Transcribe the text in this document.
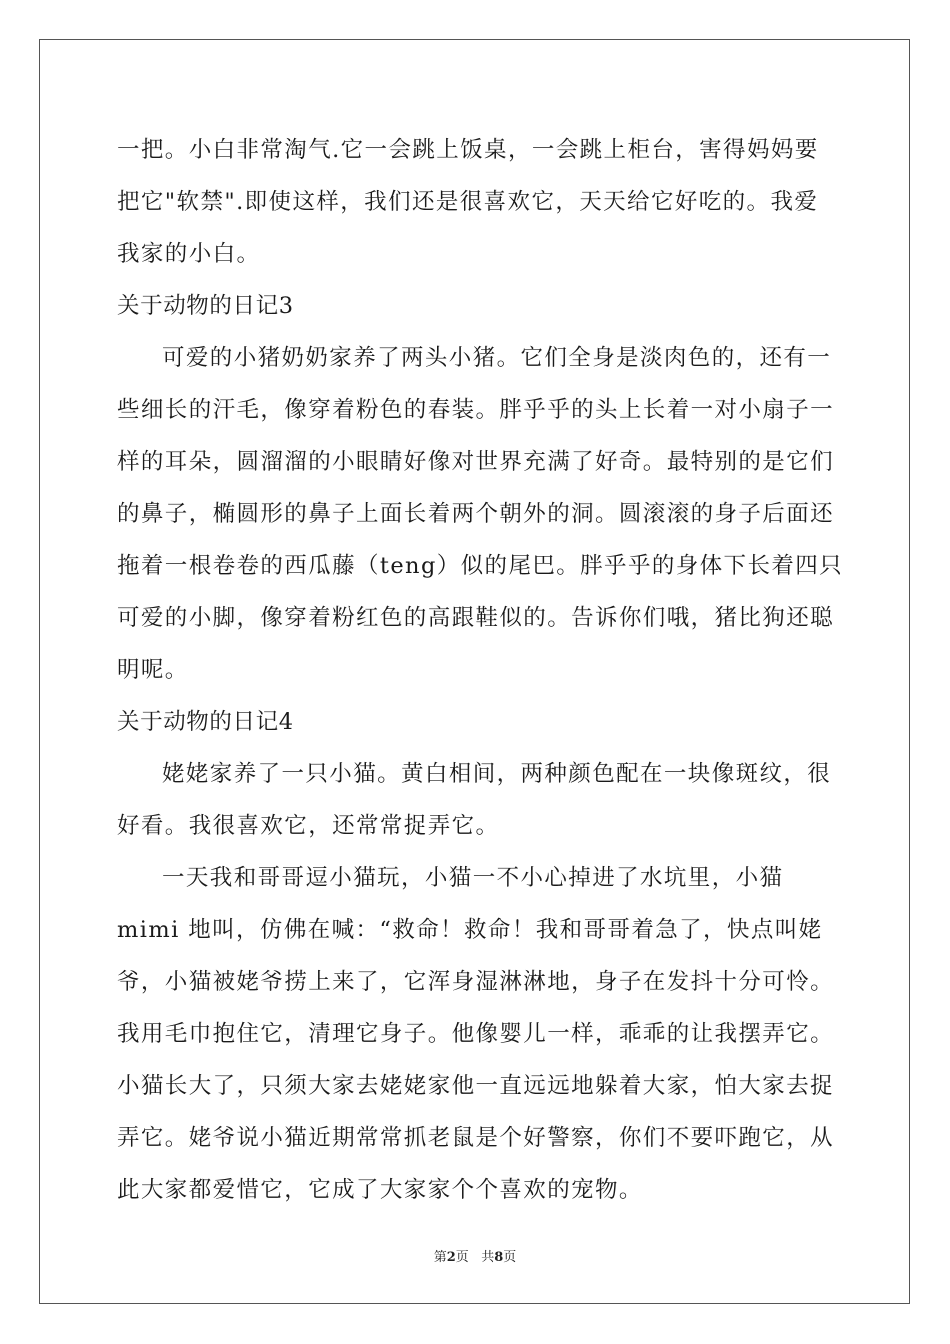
一把。小白非常淘气.它一会跳上饭桌，一会跳上柜台，害得妈妈要
把它"软禁".即使这样，我们还是很喜欢它，天天给它好吃的。我爱
我家的小白。
关于动物的日记3
可爱的小猪奶奶家养了两头小猪。它们全身是淡肉色的，还有一
些细长的汗毛，像穿着粉色的春装。胖乎乎的头上长着一对小扇子一
样的耳朵，圆溜溜的小眼睛好像对世界充满了好奇。最特别的是它们
的鼻子，椭圆形的鼻子上面长着两个朝外的洞。圆滚滚的身子后面还
拖着一根卷卷的西瓜藤（teng）似的尾巴。胖乎乎的身体下长着四只
可爱的小脚，像穿着粉红色的高跟鞋似的。告诉你们哦，猪比狗还聪
明呢。
关于动物的日记4
姥姥家养了一只小猫。黄白相间，两种颜色配在一块像斑纹，很
好看。我很喜欢它，还常常捉弄它。
一天我和哥哥逗小猫玩，小猫一不小心掉进了水坑里，小猫
mimi 地叫，仿佛在喊：“救命！救命！我和哥哥着急了，快点叫姥
爷，小猫被姥爷捞上来了，它浑身湿淋淋地，身子在发抖十分可怜。
我用毛巾抱住它，清理它身子。他像婴儿一样，乖乖的让我摆弄它。
小猫长大了，只须大家去姥姥家他一直远远地躲着大家，怕大家去捉
弄它。姥爷说小猫近期常常抓老鼠是个好警察，你们不要吓跑它，从
此大家都爱惜它，它成了大家家个个喜欢的宠物。
第2页 共8页
